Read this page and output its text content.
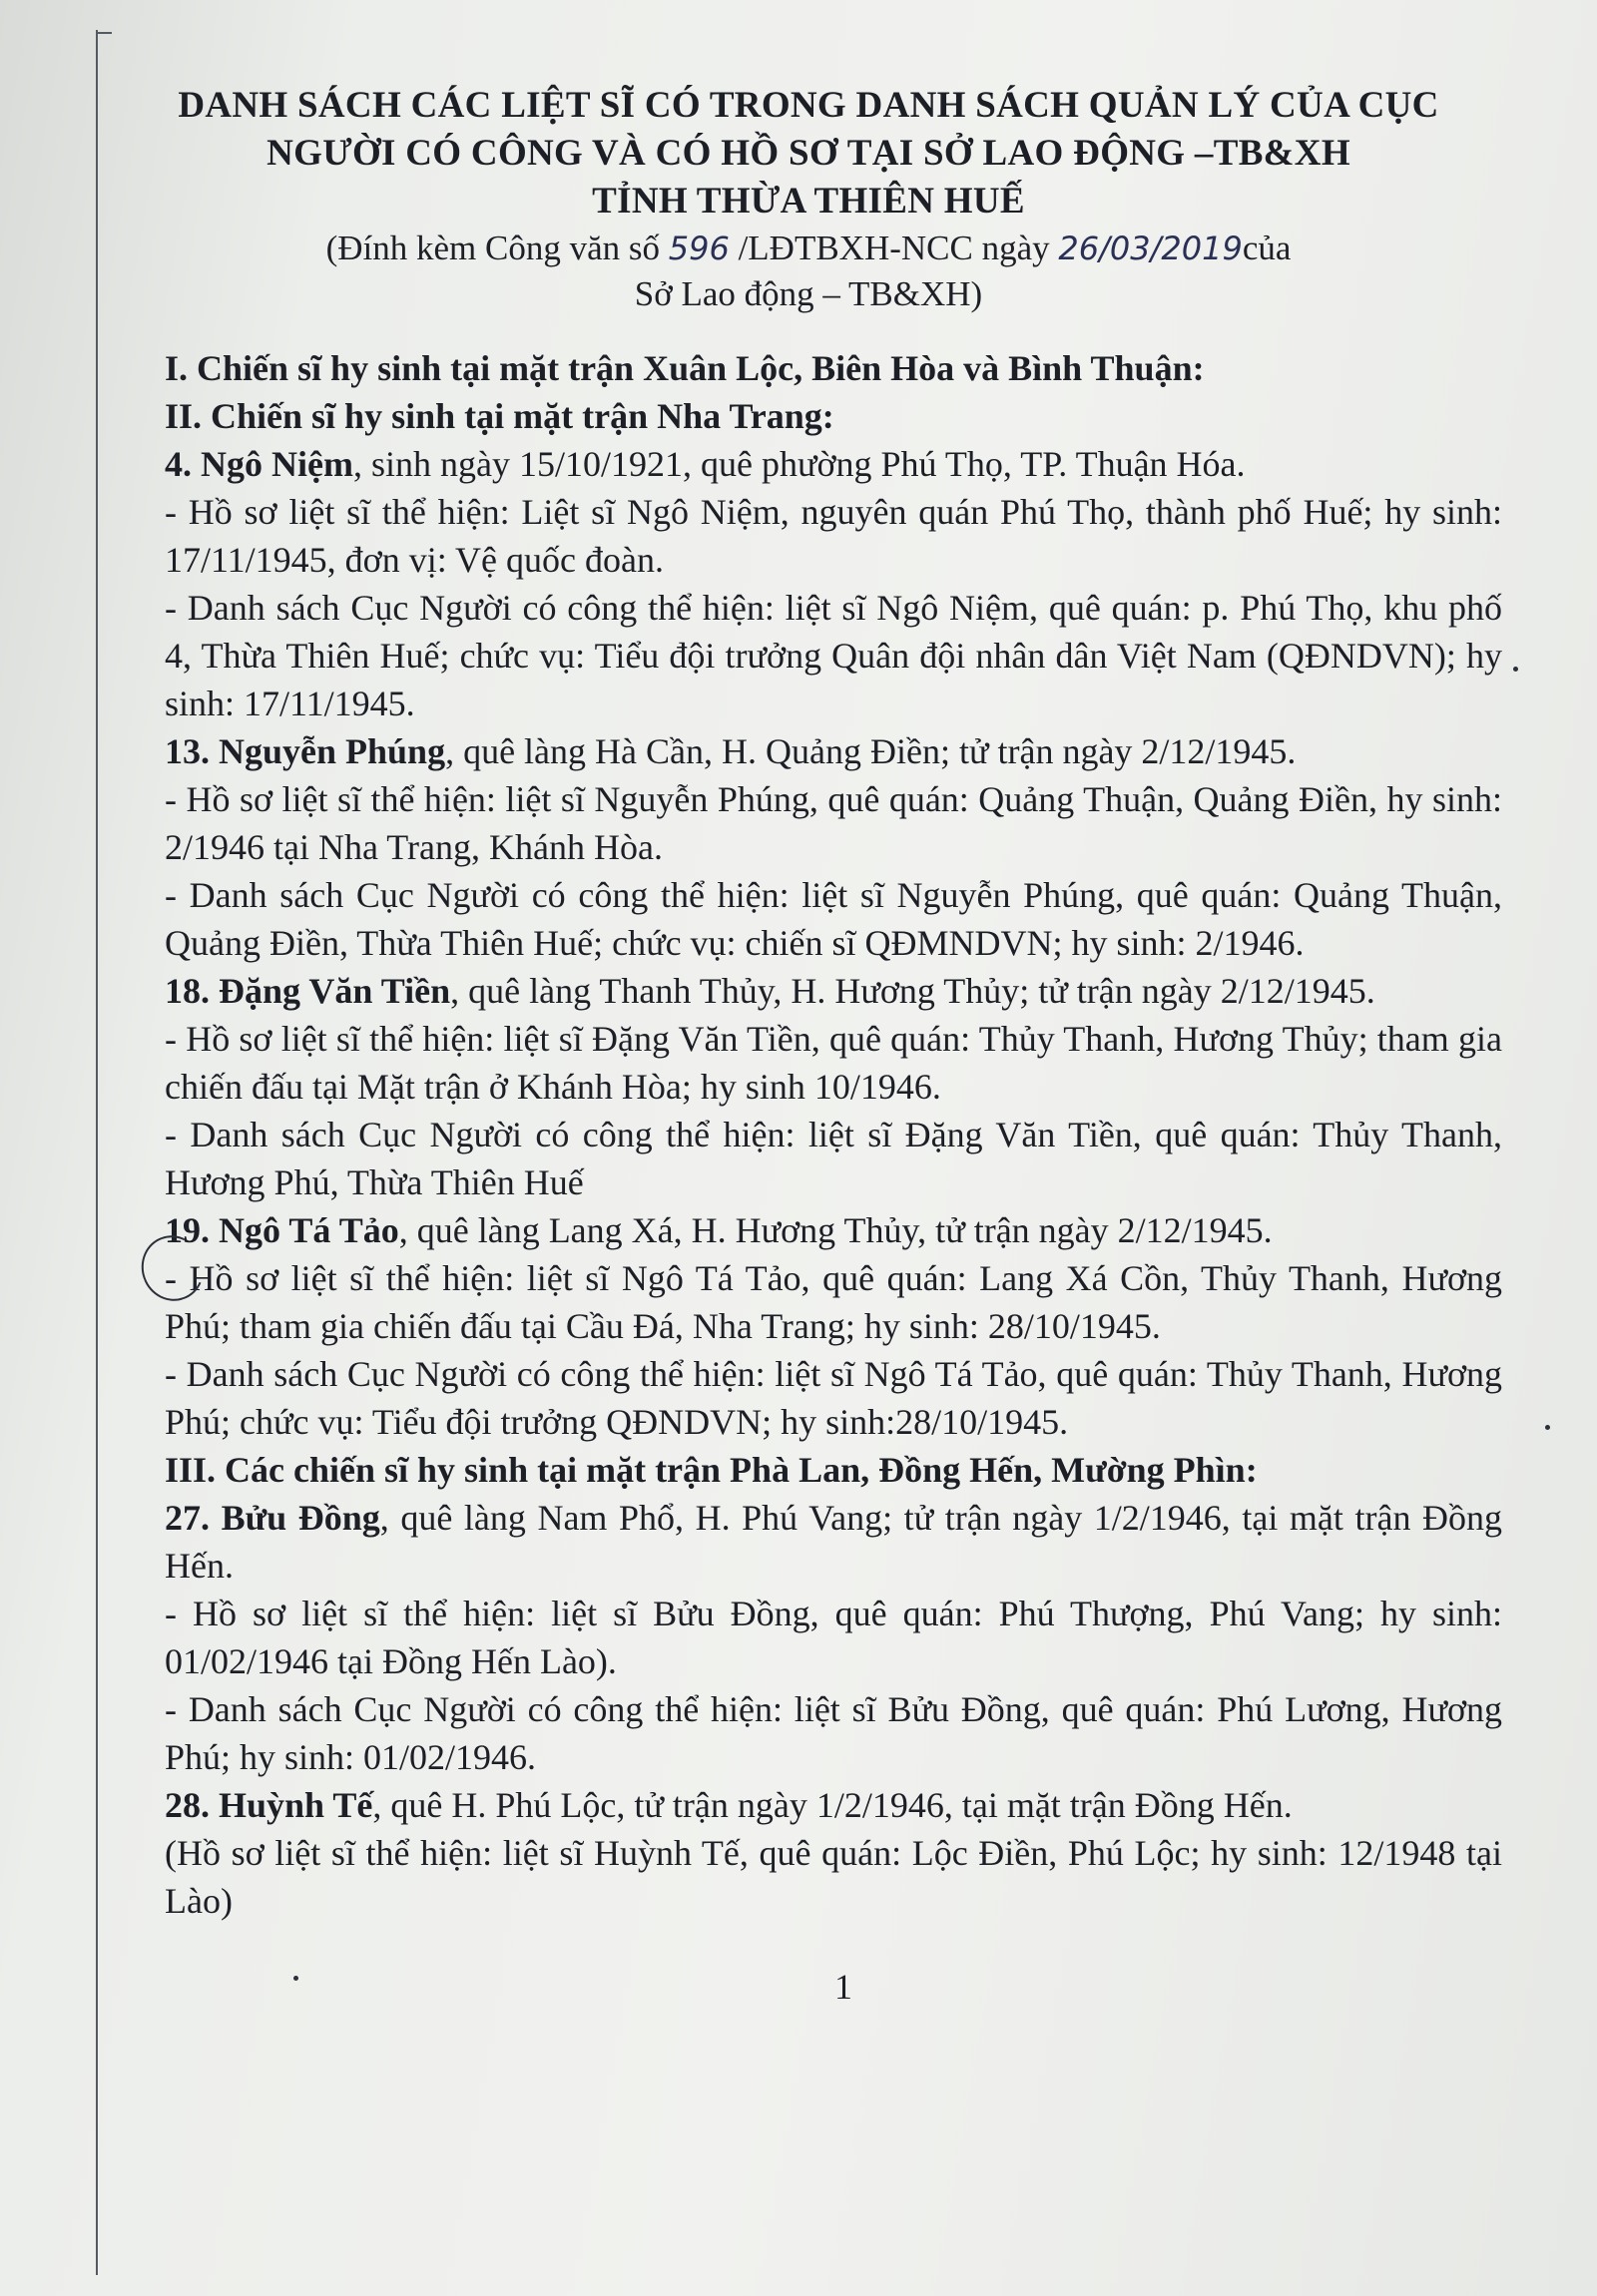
DANH SÁCH CÁC LIỆT SĨ CÓ TRONG DANH SÁCH QUẢN LÝ CỦA CỤC
NGƯỜI CÓ CÔNG VÀ CÓ HỒ SƠ TẠI SỞ LAO ĐỘNG –TB&XH
TỈNH THỪA THIÊN HUẾ
(Đính kèm Công văn số 596 /LĐTBXH-NCC ngày 26/03/2019của
Sở Lao động – TB&XH)

I. Chiến sĩ hy sinh tại mặt trận Xuân Lộc, Biên Hòa và Bình Thuận:

II. Chiến sĩ hy sinh tại mặt trận Nha Trang:

4. Ngô Niệm, sinh ngày 15/10/1921, quê phường Phú Thọ, TP. Thuận Hóa.

- Hồ sơ liệt sĩ thể hiện: Liệt sĩ Ngô Niệm, nguyên quán Phú Thọ, thành phố Huế; hy sinh: 17/11/1945, đơn vị: Vệ quốc đoàn.

- Danh sách Cục Người có công thể hiện: liệt sĩ Ngô Niệm, quê quán: p. Phú Thọ, khu phố 4, Thừa Thiên Huế; chức vụ: Tiểu đội trưởng Quân đội nhân dân Việt Nam (QĐNDVN); hy sinh: 17/11/1945.

13. Nguyễn Phúng, quê làng Hà Cần, H. Quảng Điền; tử trận ngày 2/12/1945.

- Hồ sơ liệt sĩ thể hiện: liệt sĩ Nguyễn Phúng, quê quán: Quảng Thuận, Quảng Điền, hy sinh: 2/1946 tại Nha Trang, Khánh Hòa.

- Danh sách Cục Người có công thể hiện: liệt sĩ Nguyễn Phúng, quê quán: Quảng Thuận, Quảng Điền, Thừa Thiên Huế; chức vụ: chiến sĩ QĐMNDVN; hy sinh: 2/1946.

18. Đặng Văn Tiền, quê làng Thanh Thủy, H. Hương Thủy; tử trận ngày 2/12/1945.

- Hồ sơ liệt sĩ thể hiện: liệt sĩ Đặng Văn Tiền, quê quán: Thủy Thanh, Hương Thủy; tham gia chiến đấu tại Mặt trận ở Khánh Hòa; hy sinh 10/1946.

- Danh sách Cục Người có công thể hiện: liệt sĩ Đặng Văn Tiền, quê quán: Thủy Thanh, Hương Phú, Thừa Thiên Huế

19. Ngô Tá Tảo, quê làng Lang Xá, H. Hương Thủy, tử trận ngày 2/12/1945.

- Hồ sơ liệt sĩ thể hiện: liệt sĩ Ngô Tá Tảo, quê quán: Lang Xá Cồn, Thủy Thanh, Hương Phú; tham gia chiến đấu tại Cầu Đá, Nha Trang; hy sinh: 28/10/1945.

- Danh sách Cục Người có công thể hiện: liệt sĩ Ngô Tá Tảo, quê quán: Thủy Thanh, Hương Phú; chức vụ: Tiểu đội trưởng QĐNDVN; hy sinh:28/10/1945.

III. Các chiến sĩ hy sinh tại mặt trận Phà Lan, Đồng Hến, Mường Phìn:

27. Bửu Đồng, quê làng Nam Phổ, H. Phú Vang; tử trận ngày 1/2/1946, tại mặt trận Đồng Hến.

- Hồ sơ liệt sĩ thể hiện: liệt sĩ Bửu Đồng, quê quán: Phú Thượng, Phú Vang; hy sinh: 01/02/1946 tại Đồng Hến Lào).

- Danh sách Cục Người có công thể hiện: liệt sĩ Bửu Đồng, quê quán: Phú Lương, Hương Phú; hy sinh: 01/02/1946.

28. Huỳnh Tế, quê H. Phú Lộc, tử trận ngày 1/2/1946, tại mặt trận Đồng Hến.

(Hồ sơ liệt sĩ thể hiện: liệt sĩ Huỳnh Tế, quê quán: Lộc Điền, Phú Lộc; hy sinh: 12/1948 tại Lào)

1
